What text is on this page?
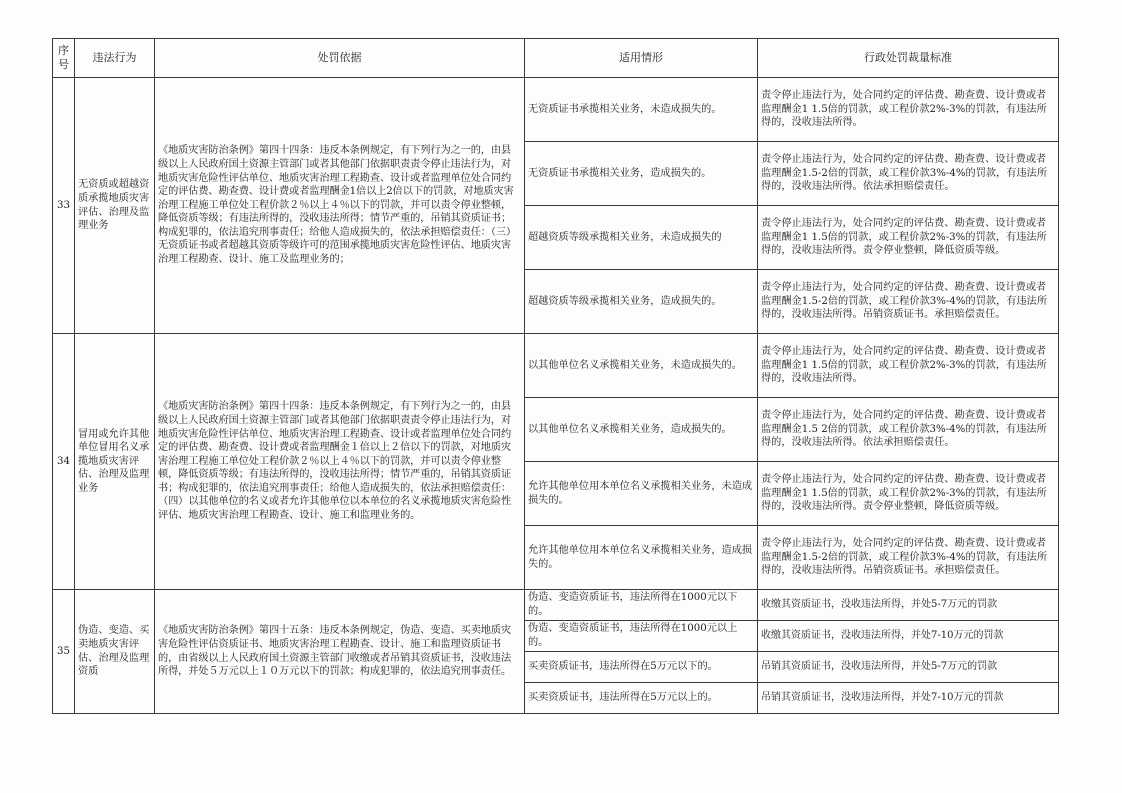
序号	违法行为	处罚依据	适用情形	行政处罚裁量标准
33	无资质或超越资质承揽地质灾害评估、治理及监理业务	《地质灾害防治条例》第四十四条：违反本条例规定，有下列行为之一的，由县级以上人民政府国土资源主管部门或者其他部门依据职责责令停止违法行为，对地质灾害危险性评估单位、地质灾害治理工程勘查、设计或者监理单位处合同约定的评估费、勘查费、设计费或者监理酬金1倍以上2倍以下的罚款，对地质灾害治理工程施工单位处工程价款２％以上４％以下的罚款，并可以责令停业整顿，降低资质等级；有违法所得的，没收违法所得；情节严重的，吊销其资质证书；构成犯罪的，依法追究刑事责任；给他人造成损失的，依法承担赔偿责任：（三）无资质证书或者超越其资质等级许可的范围承揽地质灾害危险性评估、地质灾害治理工程勘查、设计、施工及监理业务的；	无资质证书承揽相关业务，未造成损失的。	责令停止违法行为，处合同约定的评估费、勘查费、设计费或者监理酬金1 1.5倍的罚款，或工程价款2%-3%的罚款，有违法所得的，没收违法所得。
			无资质证书承揽相关业务，造成损失的。	责令停止违法行为，处合同约定的评估费、勘查费、设计费或者监理酬金1.5-2倍的罚款，或工程价款3%-4%的罚款，有违法所得的，没收违法所得。依法承担赔偿责任。
			超越资质等级承揽相关业务，未造成损失的	责令停止违法行为，处合同约定的评估费、勘查费、设计费或者监理酬金1 1.5倍的罚款，或工程价款2%-3%的罚款，有违法所得的，没收违法所得。责令停业整顿，降低资质等级。
			超越资质等级承揽相关业务，造成损失的。	责令停止违法行为，处合同约定的评估费、勘查费、设计费或者监理酬金1.5-2倍的罚款，或工程价款3%-4%的罚款，有违法所得的，没收违法所得。吊销资质证书。承担赔偿责任。
34	冒用或允许其他单位冒用名义承揽地质灾害评估、治理及监理业务	《地质灾害防治条例》第四十四条：违反本条例规定，有下列行为之一的，由县级以上人民政府国土资源主管部门或者其他部门依据职责责令停止违法行为，对地质灾害危险性评估单位、地质灾害治理工程勘查、设计或者监理单位处合同约定的评估费、勘查费、设计费或者监理酬金１倍以上２倍以下的罚款，对地质灾害治理工程施工单位处工程价款２％以上４％以下的罚款，并可以责令停业整顿，降低资质等级；有违法所得的，没收违法所得；情节严重的，吊销其资质证书；构成犯罪的，依法追究刑事责任；给他人造成损失的，依法承担赔偿责任：（四）以其他单位的名义或者允许其他单位以本单位的名义承揽地质灾害危险性评估、地质灾害治理工程勘查、设计、施工和监理业务的。	以其他单位名义承揽相关业务，未造成损失的。	责令停止违法行为，处合同约定的评估费、勘查费、设计费或者监理酬金1 1.5倍的罚款，或工程价款2%-3%的罚款，有违法所得的，没收违法所得。
			以其他单位名义承揽相关业务，造成损失的。	责令停止违法行为，处合同约定的评估费、勘查费、设计费或者监理酬金1.5 2倍的罚款，或工程价款3%-4%的罚款，有违法所得的，没收违法所得。依法承担赔偿责任。
			允许其他单位用本单位名义承揽相关业务，未造成损失的。	责令停止违法行为，处合同约定的评估费、勘查费、设计费或者监理酬金1 1.5倍的罚款，或工程价款2%-3%的罚款，有违法所得的，没收违法所得。责令停业整顿，降低资质等级。
			允许其他单位用本单位名义承揽相关业务，造成损失的。	责令停止违法行为，处合同约定的评估费、勘查费、设计费或者监理酬金1.5-2倍的罚款，或工程价款3%-4%的罚款，有违法所得的，没收违法所得。吊销资质证书。承担赔偿责任。
35	伪造、变造、买卖地质灾害评估、治理及监理资质	《地质灾害防治条例》第四十五条：违反本条例规定，伪造、变造、买卖地质灾害危险性评估资质证书、地质灾害治理工程勘查、设计、施工和监理资质证书的，由省级以上人民政府国土资源主管部门收缴或者吊销其资质证书，没收违法所得，并处５万元以上１０万元以下的罚款；构成犯罪的，依法追究刑事责任。	伪造、变造资质证书，违法所得在1000元以下的。	收缴其资质证书，没收违法所得，并处5-7万元的罚款
			伪造、变造资质证书，违法所得在1000元以上的。	收缴其资质证书，没收违法所得，并处7-10万元的罚款
			买卖资质证书，违法所得在5万元以下的。	吊销其资质证书，没收违法所得，并处5-7万元的罚款
			买卖资质证书，违法所得在5万元以上的。	吊销其资质证书，没收违法所得，并处7-10万元的罚款
